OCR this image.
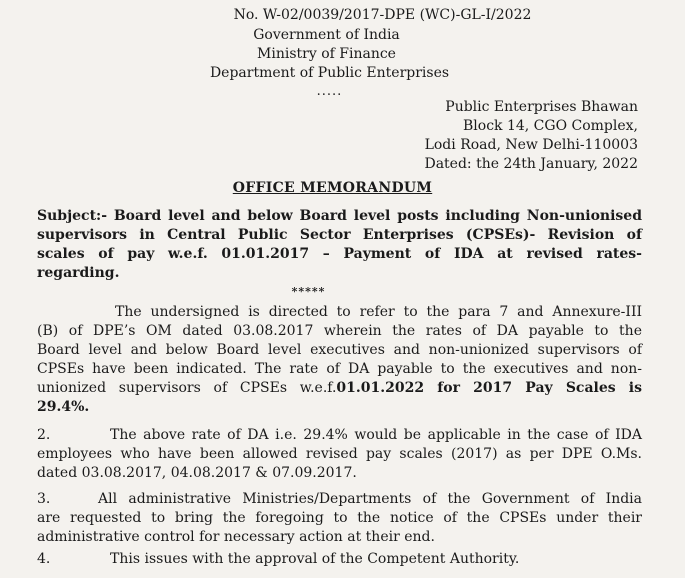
No. W-02/0039/2017-DPE (WC)-GL-I/2022
Government of India
Ministry of Finance
Department of Public Enterprises
.....
Public Enterprises Bhawan
Block 14, CGO Complex,
Lodi Road, New Delhi-110003
Dated: the 24th January, 2022
OFFICE MEMORANDUM
Subject:- Board level and below Board level posts including Non-unionised
supervisors in Central Public Sector Enterprises (CPSEs)- Revision of
scales of pay w.e.f. 01.01.2017 – Payment of IDA at revised rates-
regarding.
*****
The undersigned is directed to refer to the para 7 and Annexure-III
(B) of DPE’s OM dated 03.08.2017 wherein the rates of DA payable to the
Board level and below Board level executives and non-unionized supervisors of
CPSEs have been indicated. The rate of DA payable to the executives and non-
unionized supervisors of CPSEs w.e.f.01.01.2022 for 2017 Pay Scales is
29.4%.
2.	The above rate of DA i.e. 29.4% would be applicable in the case of IDA
employees who have been allowed revised pay scales (2017) as per DPE O.Ms.
dated 03.08.2017, 04.08.2017 & 07.09.2017.
3.	All administrative Ministries/Departments of the Government of India
are requested to bring the foregoing to the notice of the CPSEs under their
administrative control for necessary action at their end.
4.	This issues with the approval of the Competent Authority.
